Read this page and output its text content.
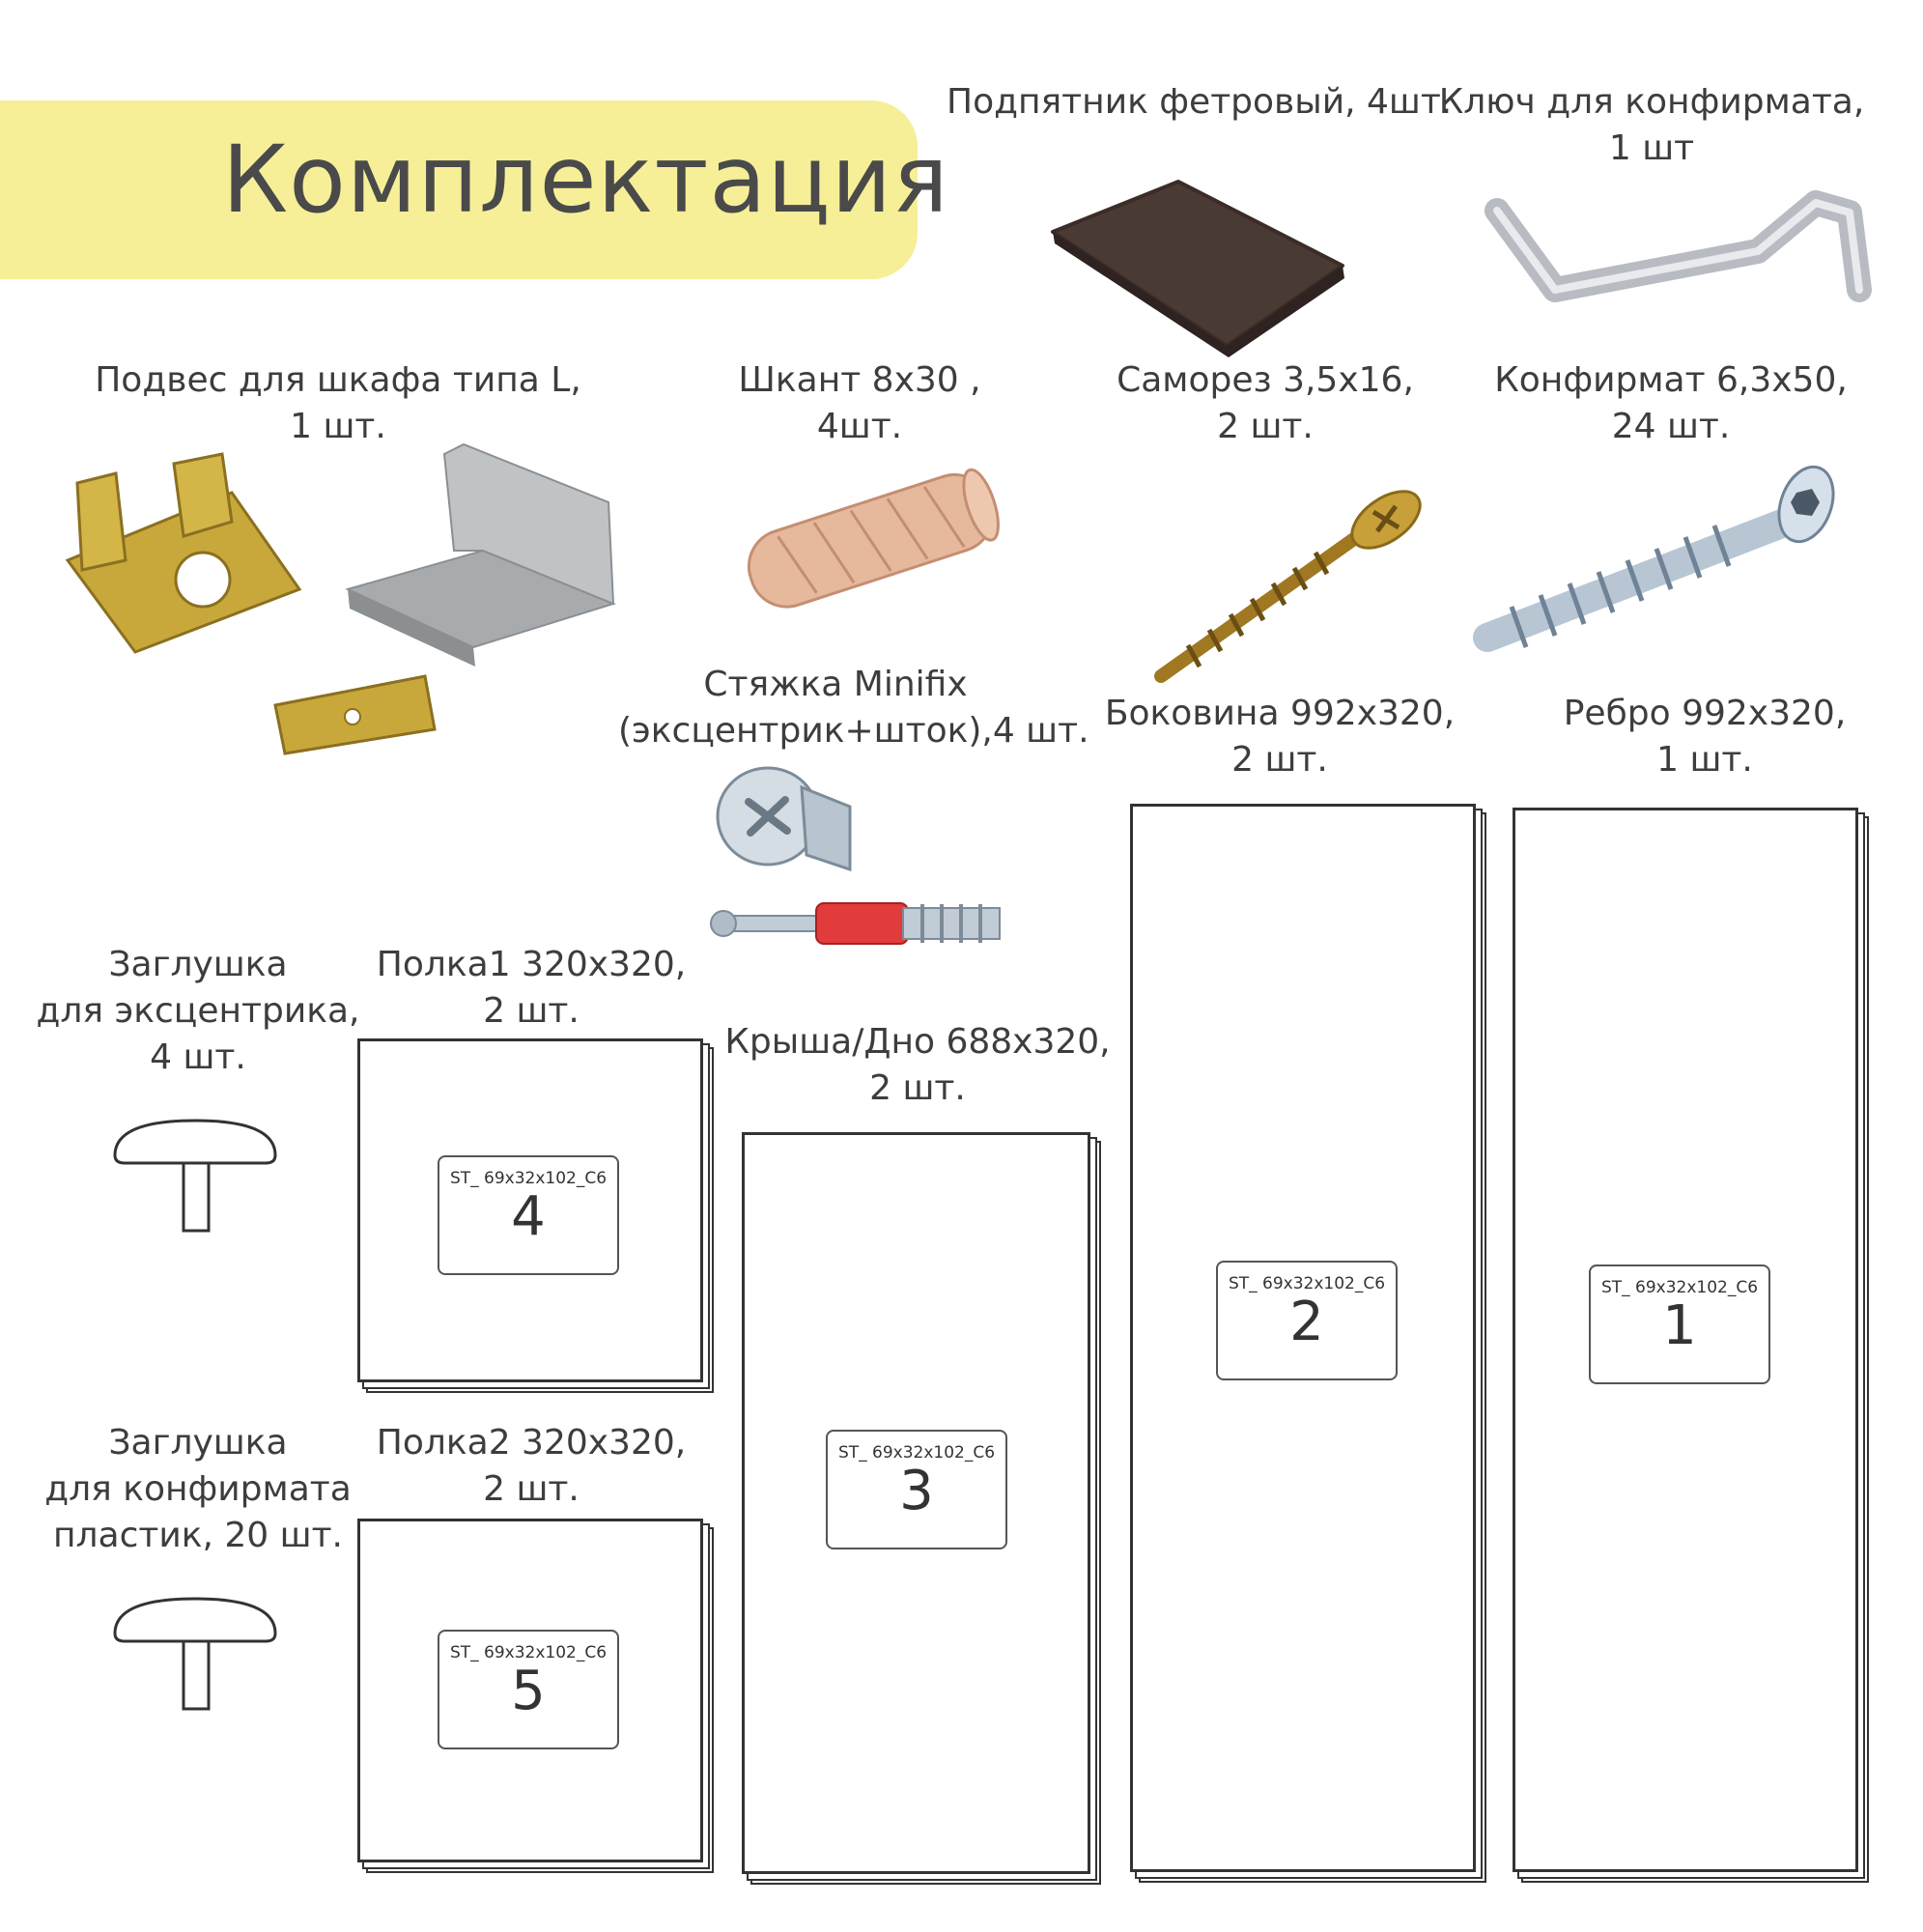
Комплектация
Подпятник фетровый, 4шт.
Ключ для конфирмата,
1 шт
Подвес для шкафа типа L,
1 шт.
Шкант 8х30 ,
4шт.
Саморез 3,5х16,
2 шт.
Конфирмат 6,3х50,
24 шт.
Стяжка Minifix
(эксцентрик+шток),4 шт.
Заглушка
для эксцентрика,
4 шт.
Заглушка
для конфирмата
пластик, 20 шт.
Полка1 320х320,
2 шт.
ST_ 69x32x102_C6
4
Полка2 320х320,
2 шт.
ST_ 69x32x102_C6
5
Крыша/Дно 688х320,
2 шт.
ST_ 69x32x102_C6
3
Боковина 992х320,
2 шт.
ST_ 69x32x102_C6
2
Ребро 992х320,
1 шт.
ST_ 69x32x102_C6
1
